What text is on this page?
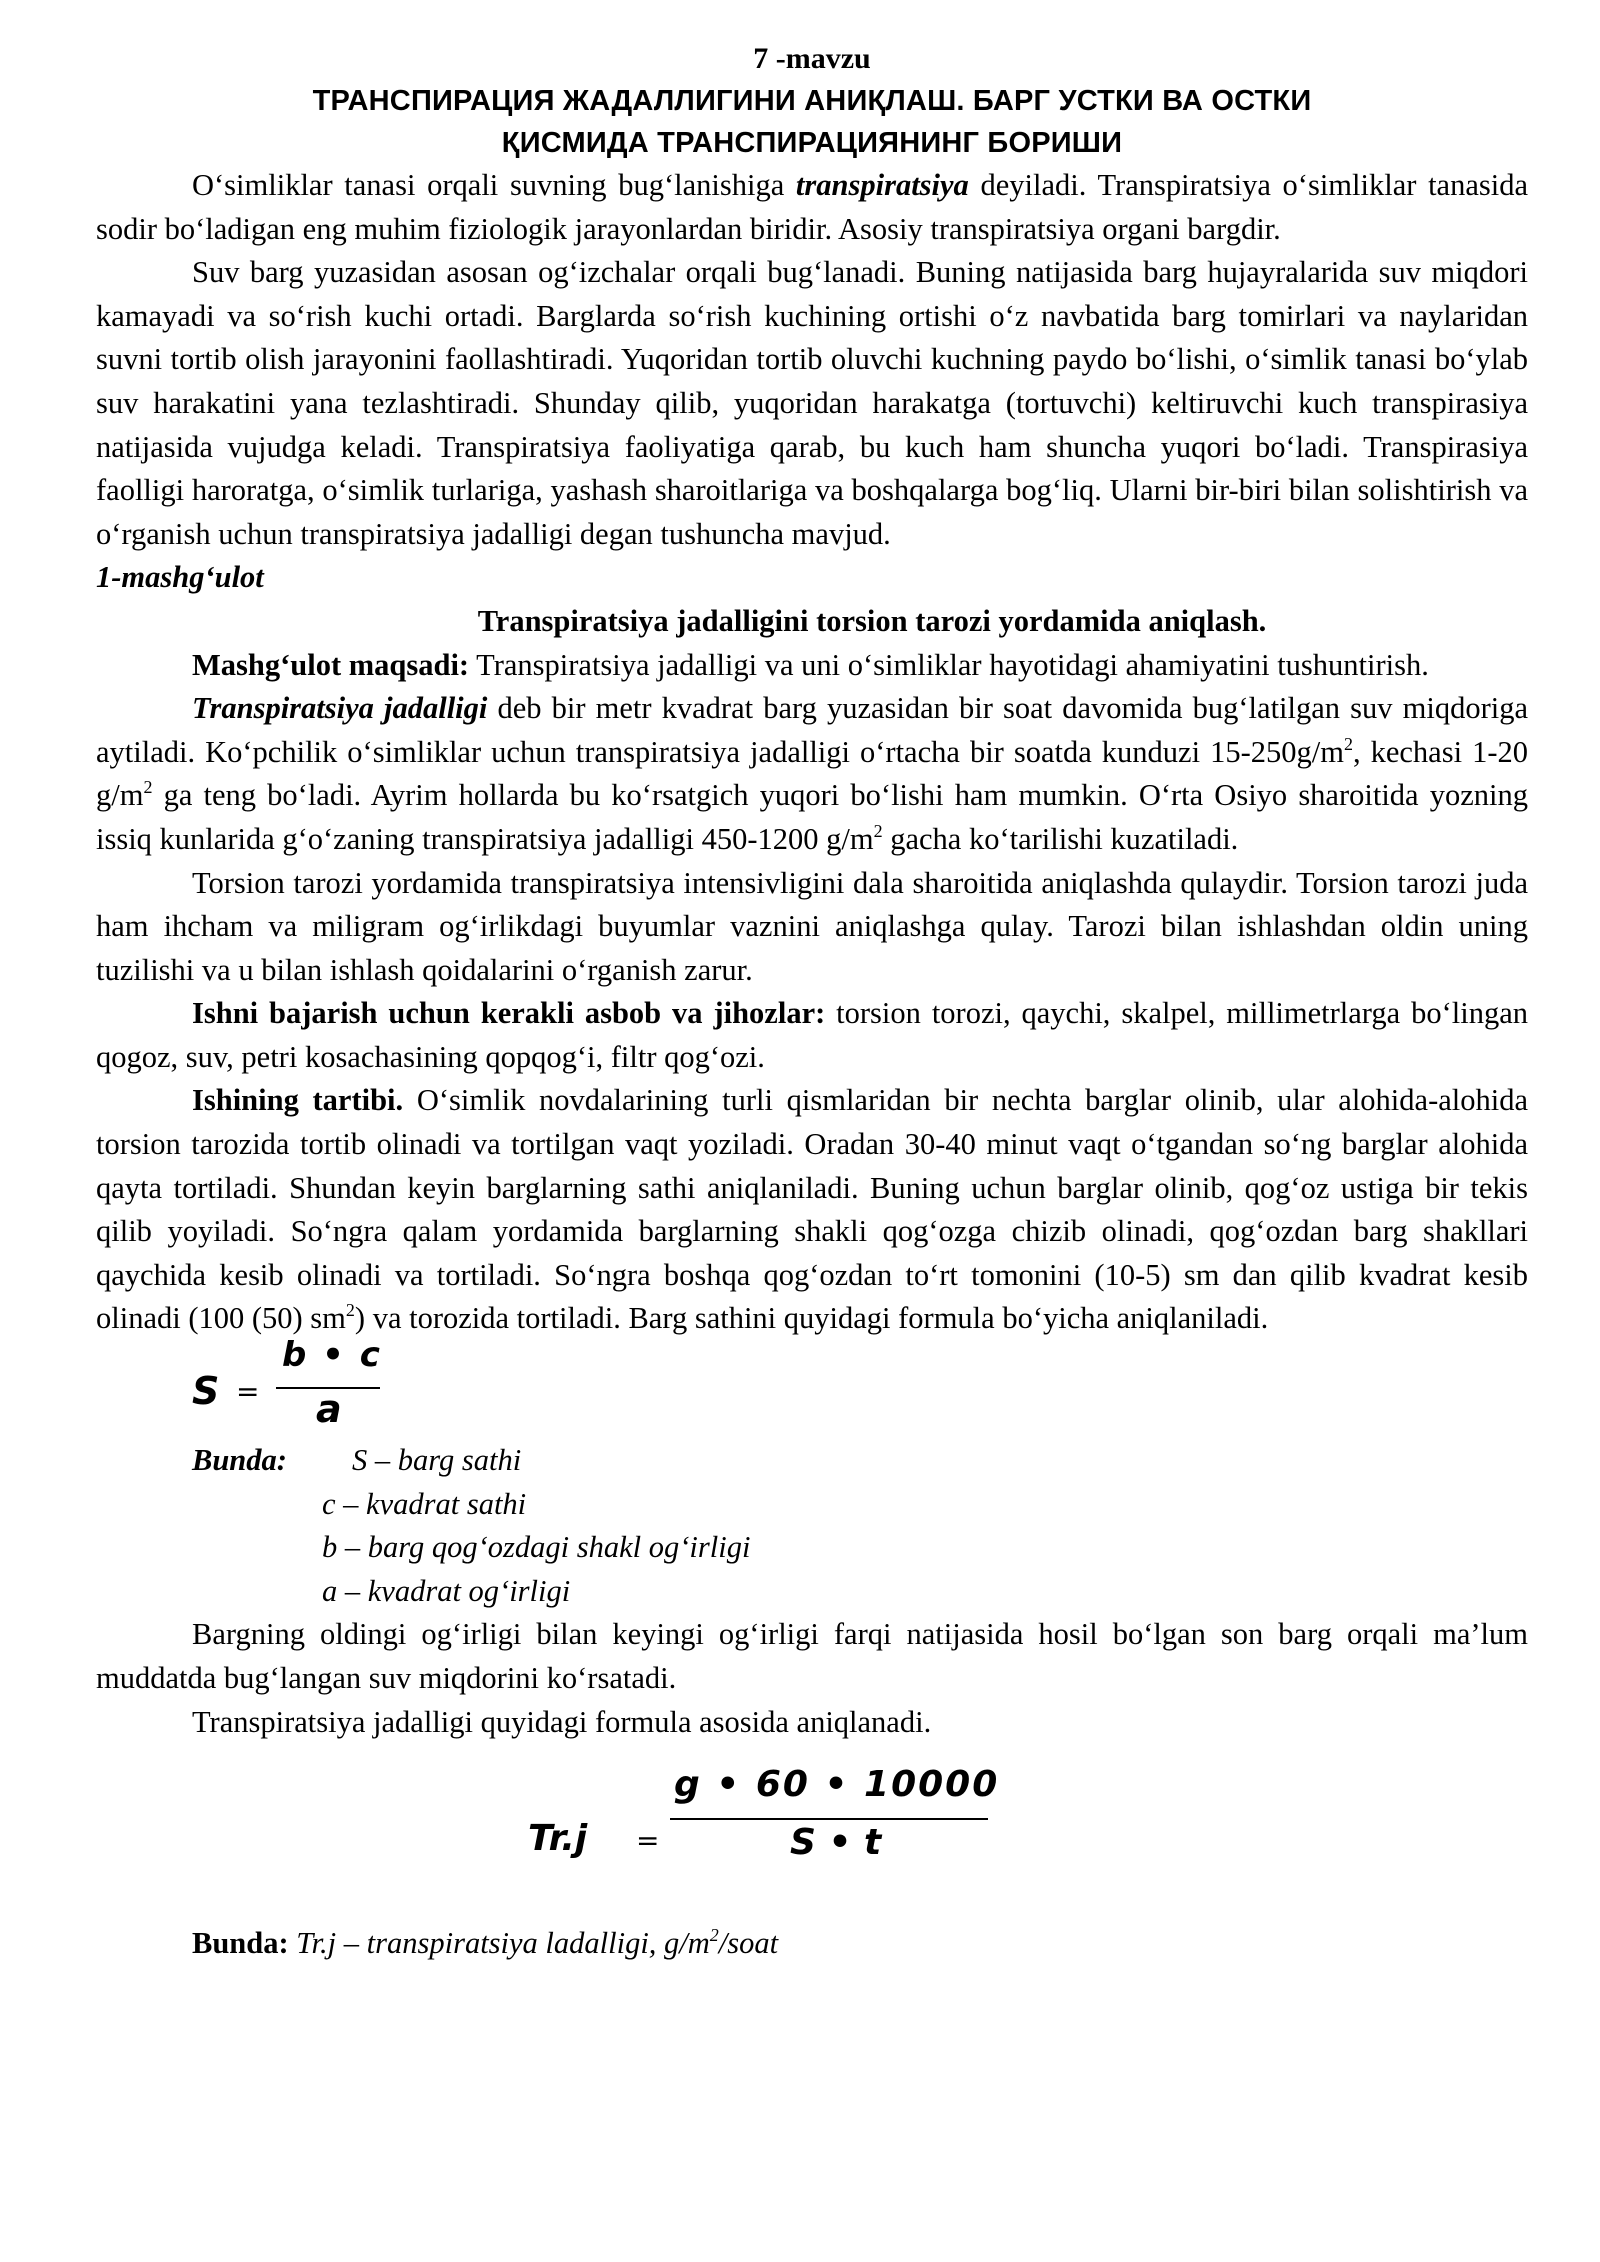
7 -mavzu
ТРАНСПИРАЦИЯ ЖАДАЛЛИГИНИ АНИҚЛАШ. БАРГ УСТКИ ВА ОСТКИ
ҚИСМИДА ТРАНСПИРАЦИЯНИНГ БОРИШИ

O‘simliklar tanasi orqali suvning bug‘lanishiga transpiratsiya deyiladi. Transpiratsiya o‘simliklar tanasida sodir bo‘ladigan eng muhim fiziologik jarayonlardan biridir. Asosiy transpiratsiya organi bargdir.

Suv barg yuzasidan asosan og‘izchalar orqali bug‘lanadi. Buning natijasida barg hujayralarida suv miqdori kamayadi va so‘rish kuchi ortadi. Barglarda so‘rish kuchining ortishi o‘z navbatida barg tomirlari va naylaridan suvni tortib olish jarayonini faollashtiradi. Yuqoridan tortib oluvchi kuchning paydo bo‘lishi, o‘simlik tanasi bo‘ylab suv harakatini yana tezlashtiradi. Shunday qilib, yuqoridan harakatga (tortuvchi) keltiruvchi kuch transpirasiya natijasida vujudga keladi. Transpiratsiya faoliyatiga qarab, bu kuch ham shuncha yuqori bo‘ladi. Transpirasiya faolligi haroratga, o‘simlik turlariga, yashash sharoitlariga va boshqalarga bog‘liq. Ularni bir-biri bilan solishtirish va o‘rganish uchun transpiratsiya jadalligi degan tushuncha mavjud.

1-mashg‘ulot

Transpiratsiya jadalligini torsion tarozi yordamida aniqlash.

Mashg‘ulot maqsadi: Transpiratsiya jadalligi va uni o‘simliklar hayotidagi ahamiyatini tushuntirish.

Transpiratsiya jadalligi deb bir metr kvadrat barg yuzasidan bir soat davomida bug‘latilgan suv miqdoriga aytiladi. Ko‘pchilik o‘simliklar uchun transpiratsiya jadalligi o‘rtacha bir soatda kunduzi $15-250g/m^2$, kechasi 1-20 $g/m^2$ ga teng bo‘ladi. Ayrim hollarda bu ko‘rsatgich yuqori bo‘lishi ham mumkin. O‘rta Osiyo sharoitida yozning issiq kunlarida g‘o‘zaning transpiratsiya jadalligi 450-1200 $g/m^2$ gacha ko‘tarilishi kuzatiladi.

Torsion tarozi yordamida transpiratsiya intensivligini dala sharoitida aniqlashda qulaydir. Torsion tarozi juda ham ihcham va miligram og‘irlikdagi buyumlar vaznini aniqlashga qulay. Tarozi bilan ishlashdan oldin uning tuzilishi va u bilan ishlash qoidalarini o‘rganish zarur.

Ishni bajarish uchun kerakli asbob va jihozlar: torsion torozi, qaychi, skalpel, millimetrlarga bo‘lingan qogoz, suv, petri kosachasining qopqog‘i, filtr qog‘ozi.

Ishining tartibi. O‘simlik novdalarining turli qismlaridan bir nechta barglar olinib, ular alohida-alohida torsion tarozida tortib olinadi va tortilgan vaqt yoziladi. Oradan 30-40 minut vaqt o‘tgandan so‘ng barglar alohida qayta tortiladi. Shundan keyin barglarning sathi aniqlaniladi. Buning uchun barglar olinib, qog‘oz ustiga bir tekis qilib yoyiladi. So‘ngra qalam yordamida barglarning shakli qog‘ozga chizib olinadi, qog‘ozdan barg shakllari qaychida kesib olinadi va tortiladi. So‘ngra boshqa qog‘ozdan to‘rt tomonini (10-5) sm dan qilib kvadrat kesib olinadi (100 (50) $sm^2$) va torozida tortiladi. Barg sathini quyidagi formula bo‘yicha aniqlaniladi.

S =
b • c
a
Bunda: S – barg sathi
c – kvadrat sathi
b – barg qog‘ozdagi shakl og‘irligi
a – kvadrat og‘irligi

Bargning oldingi og‘irligi bilan keyingi og‘irligi farqi natijasida hosil bo‘lgan son barg orqali ma’lum muddatda bug‘langan suv miqdorini ko‘rsatadi.

Transpiratsiya jadalligi quyidagi formula asosida aniqlanadi.

Tr.j =
g • 60 • 10000
S • t

Bunda: Tr.j – transpiratsiya ladalligi, $g/m^2$/soat
